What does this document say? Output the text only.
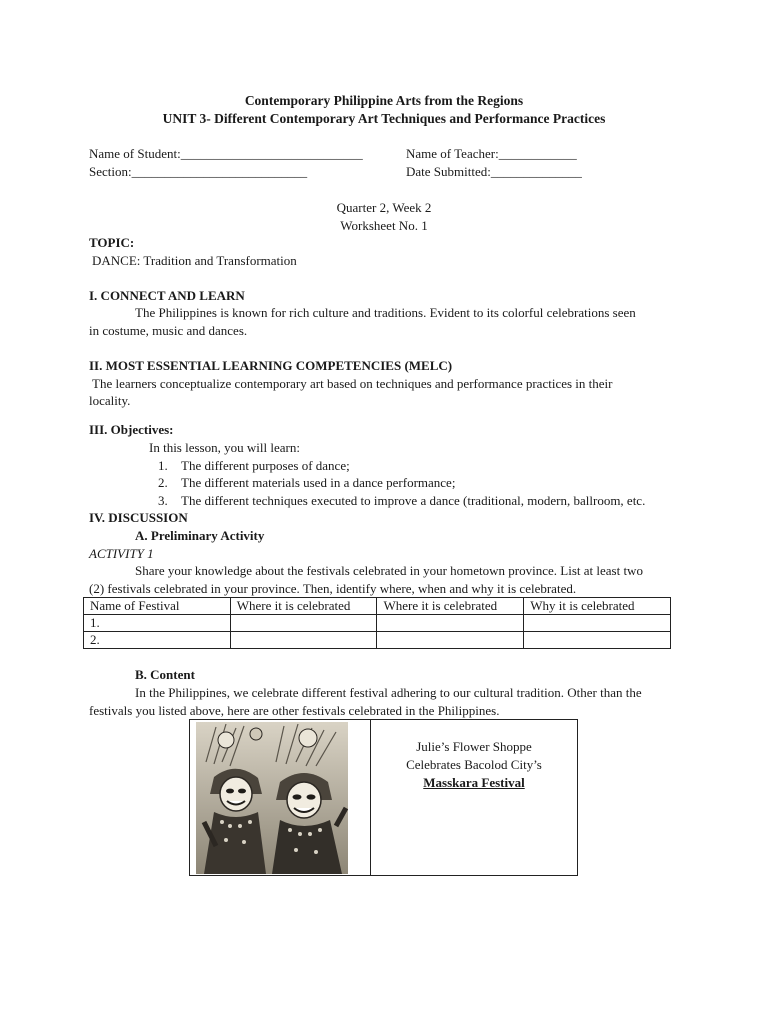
Contemporary Philippine Arts from the Regions
UNIT 3- Different Contemporary Art Techniques and Performance Practices
Name of Student:____________________________	Name of Teacher:____________
Section:___________________________	Date Submitted:______________
Quarter 2, Week 2
Worksheet No. 1
TOPIC:
DANCE: Tradition and Transformation
I. CONNECT AND LEARN
The Philippines is known for rich culture and traditions. Evident to its colorful celebrations seen
in costume, music and dances.
II. MOST ESSENTIAL LEARNING COMPETENCIES (MELC)
The learners conceptualize contemporary art based on techniques and performance practices in their
locality.
III. Objectives:
In this lesson, you will learn:
1. The different purposes of dance;
2. The different materials used in a dance performance;
3. The different techniques executed to improve a dance (traditional, modern, ballroom, etc.
IV. DISCUSSION
A. Preliminary Activity
ACTIVITY 1
Share your knowledge about the festivals celebrated in your hometown province. List at least two
(2) festivals celebrated in your province. Then, identify where, when and why it is celebrated.
Name of Festival	Where it is celebrated	Where it is celebrated	Why it is celebrated
1.			
2.			
B. Content
In the Philippines, we celebrate different festival adhering to our cultural tradition. Other than the
festivals you listed above, here are other festivals celebrated in the Philippines.
Julie’s Flower Shoppe
Celebrates Bacolod City’s
Masskara Festival
